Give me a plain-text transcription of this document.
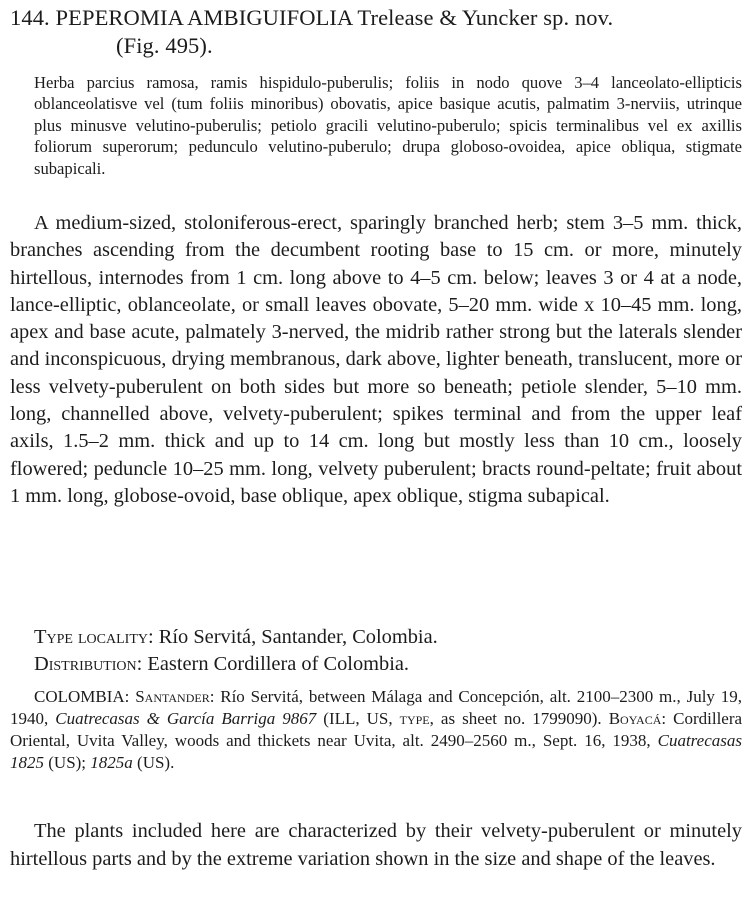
144. PEPEROMIA AMBIGUIFOLIA Trelease & Yuncker sp. nov.
(Fig. 495).

Herba parcius ramosa, ramis hispidulo-puberulis; foliis in nodo quove 3–4 lanceolato-ellipticis oblanceolatisve vel (tum foliis minoribus) obovatis, apice basique acutis, palmatim 3-nerviis, utrinque plus minusve velutino-puberulis; petiolo gracili velutino-puberulo; spicis terminalibus vel ex axillis foliorum superorum; pedunculo velutino-puberulo; drupa globoso-ovoidea, apice obliqua, stigmate subapicali.

A medium-sized, stoloniferous-erect, sparingly branched herb; stem 3–5 mm. thick, branches ascending from the decumbent rooting base to 15 cm. or more, minutely hirtellous, internodes from 1 cm. long above to 4–5 cm. below; leaves 3 or 4 at a node, lance-elliptic, oblanceolate, or small leaves obovate, 5–20 mm. wide x 10–45 mm. long, apex and base acute, palmately 3-nerved, the midrib rather strong but the laterals slender and inconspicuous, drying membranous, dark above, lighter beneath, translucent, more or less velvety-puberulent on both sides but more so beneath; petiole slender, 5–10 mm. long, channelled above, velvety-puberulent; spikes terminal and from the upper leaf axils, 1.5–2 mm. thick and up to 14 cm. long but mostly less than 10 cm., loosely flowered; peduncle 10–25 mm. long, velvety puberulent; bracts round-peltate; fruit about 1 mm. long, globose-ovoid, base oblique, apex oblique, stigma subapical.

Type locality: Río Servitá, Santander, Colombia.
Distribution: Eastern Cordillera of Colombia.

COLOMBIA: Santander: Río Servitá, between Málaga and Concepción, alt. 2100–2300 m., July 19, 1940, Cuatrecasas & García Barriga 9867 (ILL, US, type, as sheet no. 1799090). Boyacá: Cordillera Oriental, Uvita Valley, woods and thickets near Uvita, alt. 2490–2560 m., Sept. 16, 1938, Cuatrecasas 1825 (US); 1825a (US).

The plants included here are characterized by their velvety-puberulent or minutely hirtellous parts and by the extreme variation shown in the size and shape of the leaves.
